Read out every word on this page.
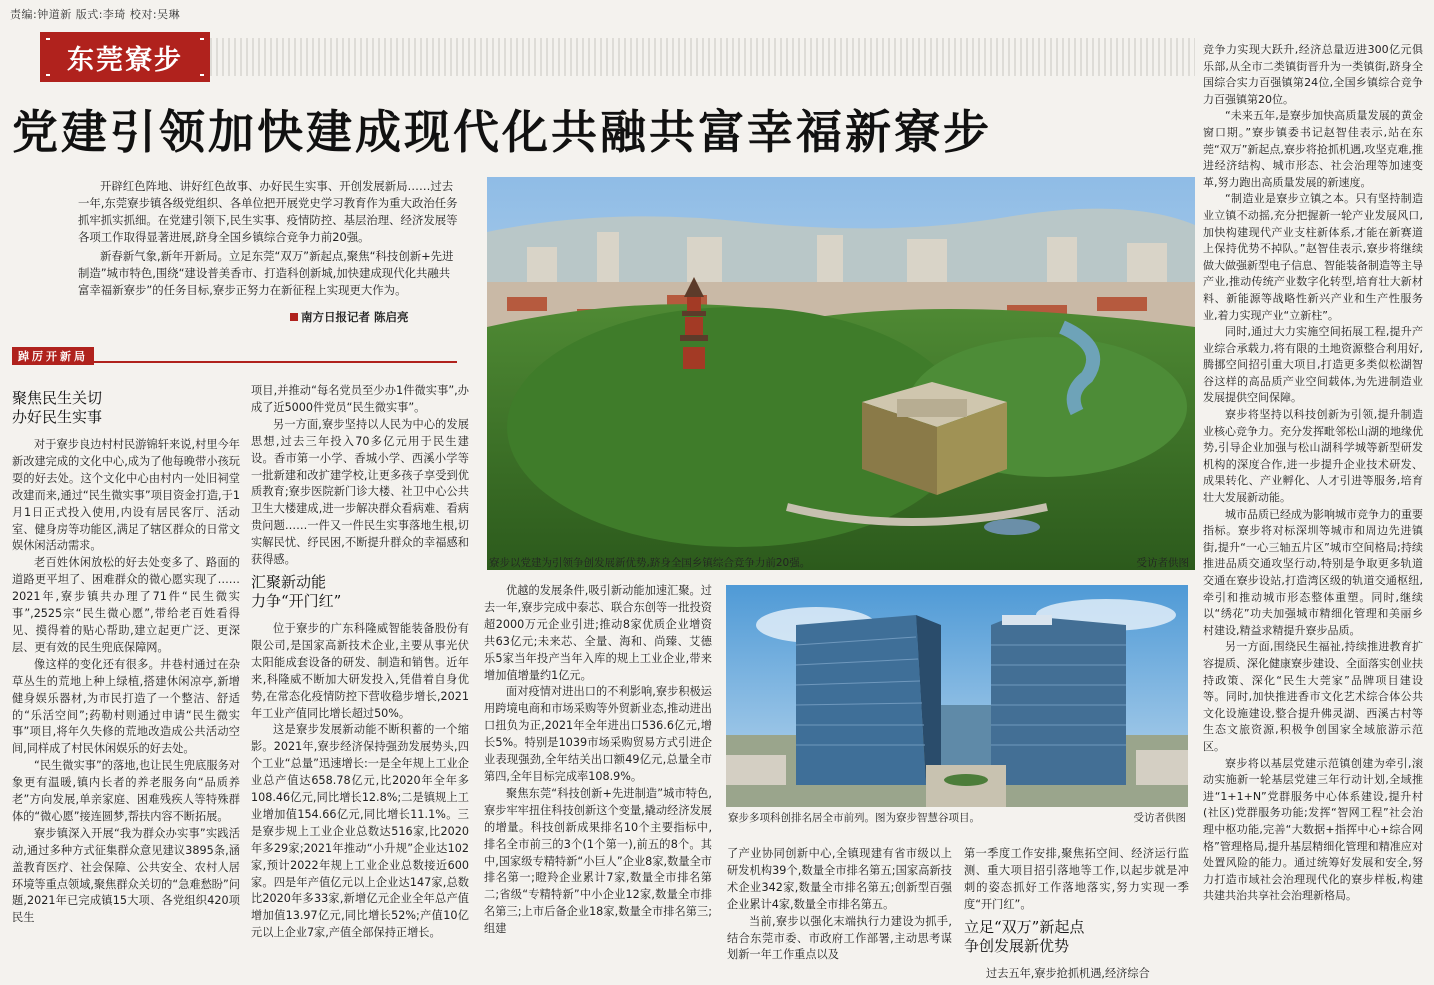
责编:钟道新 版式:李琦 校对:吴琳
东莞寮步
党建引领加快建成现代化共融共富幸福新寮步

开辟红色阵地、讲好红色故事、办好民生实事、开创发展新局……过去一年,东莞寮步镇各级党组织、各单位把开展党史学习教育作为重大政治任务抓牢抓实抓细。在党建引领下,民生实事、疫情防控、基层治理、经济发展等各项工作取得显著进展,跻身全国乡镇综合竞争力前20强。

新春新气象,新年开新局。立足东莞“双万”新起点,聚焦“科技创新+先进制造”城市特色,围绕“建设普美香市、打造科创新城,加快建成现代化共融共富幸福新寮步”的任务目标,寮步正努力在新征程上实现更大作为。

南方日报记者 陈启亮
踔厉开新局
聚焦民生关切
办好民生实事

对于寮步良边村村民游锦轩来说,村里今年新改建完成的文化中心,成为了他每晚带小孩玩耍的好去处。这个文化中心由村内一处旧祠堂改建而来,通过“民生微实事”项目资金打造,于1月1日正式投入使用,内设有居民客厅、活动室、健身房等功能区,满足了辖区群众的日常文娱休闲活动需求。

老百姓休闲放松的好去处变多了、路面的道路更平坦了、困难群众的微心愿实现了……2021年,寮步镇共办理了71件“民生微实事”,2525宗“民生微心愿”,带给老百姓看得见、摸得着的贴心帮助,建立起更广泛、更深层、更有效的民生兜底保障网。

像这样的变化还有很多。井巷村通过在杂草丛生的荒地上种上绿植,搭建休闲凉亭,新增健身娱乐器材,为市民打造了一个整洁、舒适的“乐活空间”;药勒村则通过申请“民生微实事”项目,将年久失修的荒地改造成公共活动空间,同样成了村民休闲娱乐的好去处。

“民生微实事”的落地,也让民生兜底服务对象更有温暖,镇内长者的养老服务向“品质养老”方向发展,单亲家庭、困难残疾人等特殊群体的“微心愿”接连圆梦,帮扶内容不断拓展。

寮步镇深入开展“我为群众办实事”实践活动,通过多种方式征集群众意见建议3895条,涵盖教育医疗、社会保障、公共安全、农村人居环境等重点领域,聚焦群众关切的“急难愁盼”问题,2021年已完成镇15大项、各党组织420项民生

项目,并推动“每名党员至少办1件微实事”,办成了近5000件党员“民生微实事”。

另一方面,寮步坚持以人民为中心的发展思想,过去三年投入70多亿元用于民生建设。香市第一小学、香城小学、西溪小学等一批新建和改扩建学校,让更多孩子享受到优质教育;寮步医院新门诊大楼、社卫中心公共卫生大楼建成,进一步解决群众看病难、看病贵问题……一件又一件民生实事落地生根,切实解民忧、纾民困,不断提升群众的幸福感和获得感。

汇聚新动能
力争“开门红”

位于寮步的广东科隆威智能装备股份有限公司,是国家高新技术企业,主要从事光伏太阳能成套设备的研发、制造和销售。近年来,科隆威不断加大研发投入,凭借着自身优势,在常态化疫情防控下营收稳步增长,2021年工业产值同比增长超过50%。

这是寮步发展新动能不断积蓄的一个缩影。2021年,寮步经济保持强劲发展势头,四个工业“总量”迅速增长:一是全年规上工业企业总产值达658.78亿元,比2020年全年多108.46亿元,同比增长12.8%;二是镇规上工业增加值154.66亿元,同比增长11.1%。三是寮步规上工业企业总数达516家,比2020年多29家;2021年推动“小升规”企业达102家,预计2022年规上工业企业总数接近600家。四是年产值亿元以上企业达147家,总数比2020年多33家,新增亿元企业全年总产值增加值13.97亿元,同比增长52%;产值10亿元以上企业7家,产值全部保持正增长。

寮步以党建为引领争创发展新优势,跻身全国乡镇综合竞争力前20强。	受访者供图

优越的发展条件,吸引新动能加速汇聚。过去一年,寮步完成中泰芯、联合东创等一批投资超2000万元企业引进;推动8家优质企业增资共63亿元;未来芯、全量、海和、尚臻、艾德乐5家当年投产当年入库的规上工业企业,带来增加值增量约1亿元。

面对疫情对进出口的不利影响,寮步积极运用跨境电商和市场采购等外贸新业态,推动进出口扭负为正,2021年全年进出口536.6亿元,增长5%。特别是1039市场采购贸易方式引进企业表现强劲,全年结关出口额49亿元,总量全市第四,全年目标完成率108.9%。

聚焦东莞“科技创新+先进制造”城市特色,寮步牢牢扭住科技创新这个变量,撬动经济发展的增量。科技创新成果排名10个主要指标中,排名全市前三的3个(1个第一),前五的8个。其中,国家级专精特新“小巨人”企业8家,数量全市排名第一;瞪羚企业累计7家,数量全市排名第二;省级“专精特新”中小企业12家,数量全市排名第三;上市后备企业18家,数量全市排名第三;组建

寮步多项科创排名居全市前列。图为寮步智慧谷项目。	受访者供图

了产业协同创新中心,全镇现建有省市级以上研发机构39个,数量全市排名第五;国家高新技术企业342家,数量全市排名第五;创新型百强企业累计4家,数量全市排名第五。

当前,寮步以强化末端执行力建设为抓手,结合东莞市委、市政府工作部署,主动思考谋划新一年工作重点以及

第一季度工作安排,聚焦拓空间、经济运行监测、重大项目招引落地等工作,以起步就是冲刺的姿态抓好工作落地落实,努力实现一季度“开门红”。

立足“双万”新起点
争创发展新优势

过去五年,寮步抢抓机遇,经济综合

竞争力实现大跃升,经济总量迈进300亿元俱乐部,从全市二类镇街晋升为一类镇街,跻身全国综合实力百强镇第24位,全国乡镇综合竞争力百强镇第20位。

“未来五年,是寮步加快高质量发展的黄金窗口期。”寮步镇委书记赵智佳表示,站在东莞“双万”新起点,寮步将抢抓机遇,攻坚克难,推进经济结构、城市形态、社会治理等加速变革,努力跑出高质量发展的新速度。

“制造业是寮步立镇之本。只有坚持制造业立镇不动摇,充分把握新一轮产业发展风口,加快构建现代产业支柱新体系,才能在新赛道上保持优势不掉队。”赵智佳表示,寮步将继续做大做强新型电子信息、智能装备制造等主导产业,推动传统产业数字化转型,培育壮大新材料、新能源等战略性新兴产业和生产性服务业,着力实现产业“立新柱”。

同时,通过大力实施空间拓展工程,提升产业综合承载力,将有限的土地资源整合利用好,腾挪空间招引重大项目,打造更多类似松湖智谷这样的高品质产业空间载体,为先进制造业发展提供空间保障。

寮步将坚持以科技创新为引领,提升制造业核心竞争力。充分发挥毗邻松山湖的地缘优势,引导企业加强与松山湖科学城等新型研发机构的深度合作,进一步提升企业技术研发、成果转化、产业孵化、人才引进等服务,培育壮大发展新动能。

城市品质已经成为影响城市竞争力的重要指标。寮步将对标深圳等城市和周边先进镇街,提升“一心三轴五片区”城市空间格局;持续推进品质交通攻坚行动,特别是争取更多轨道交通在寮步设站,打造湾区级的轨道交通枢纽,牵引和推动城市形态整体重塑。同时,继续以“绣花”功夫加强城市精细化管理和美丽乡村建设,精益求精提升寮步品质。

另一方面,围绕民生福祉,持续推进教育扩容提质、深化健康寮步建设、全面落实创业扶持政策、深化“民生大莞家”品牌项目建设等。同时,加快推进香市文化艺术综合体公共文化设施建设,整合提升佛灵湖、西溪古村等生态文旅资源,积极争创国家全域旅游示范区。

寮步将以基层党建示范镇创建为牵引,滚动实施新一轮基层党建三年行动计划,全域推进“1+1+N”党群服务中心体系建设,提升村(社区)党群服务功能;发挥“智网工程”社会治理中枢功能,完善“大数据+指挥中心+综合网格”管理格局,提升基层精细化管理和精准应对处置风险的能力。通过统筹好发展和安全,努力打造市域社会治理现代化的寮步样板,构建共建共治共享社会治理新格局。
